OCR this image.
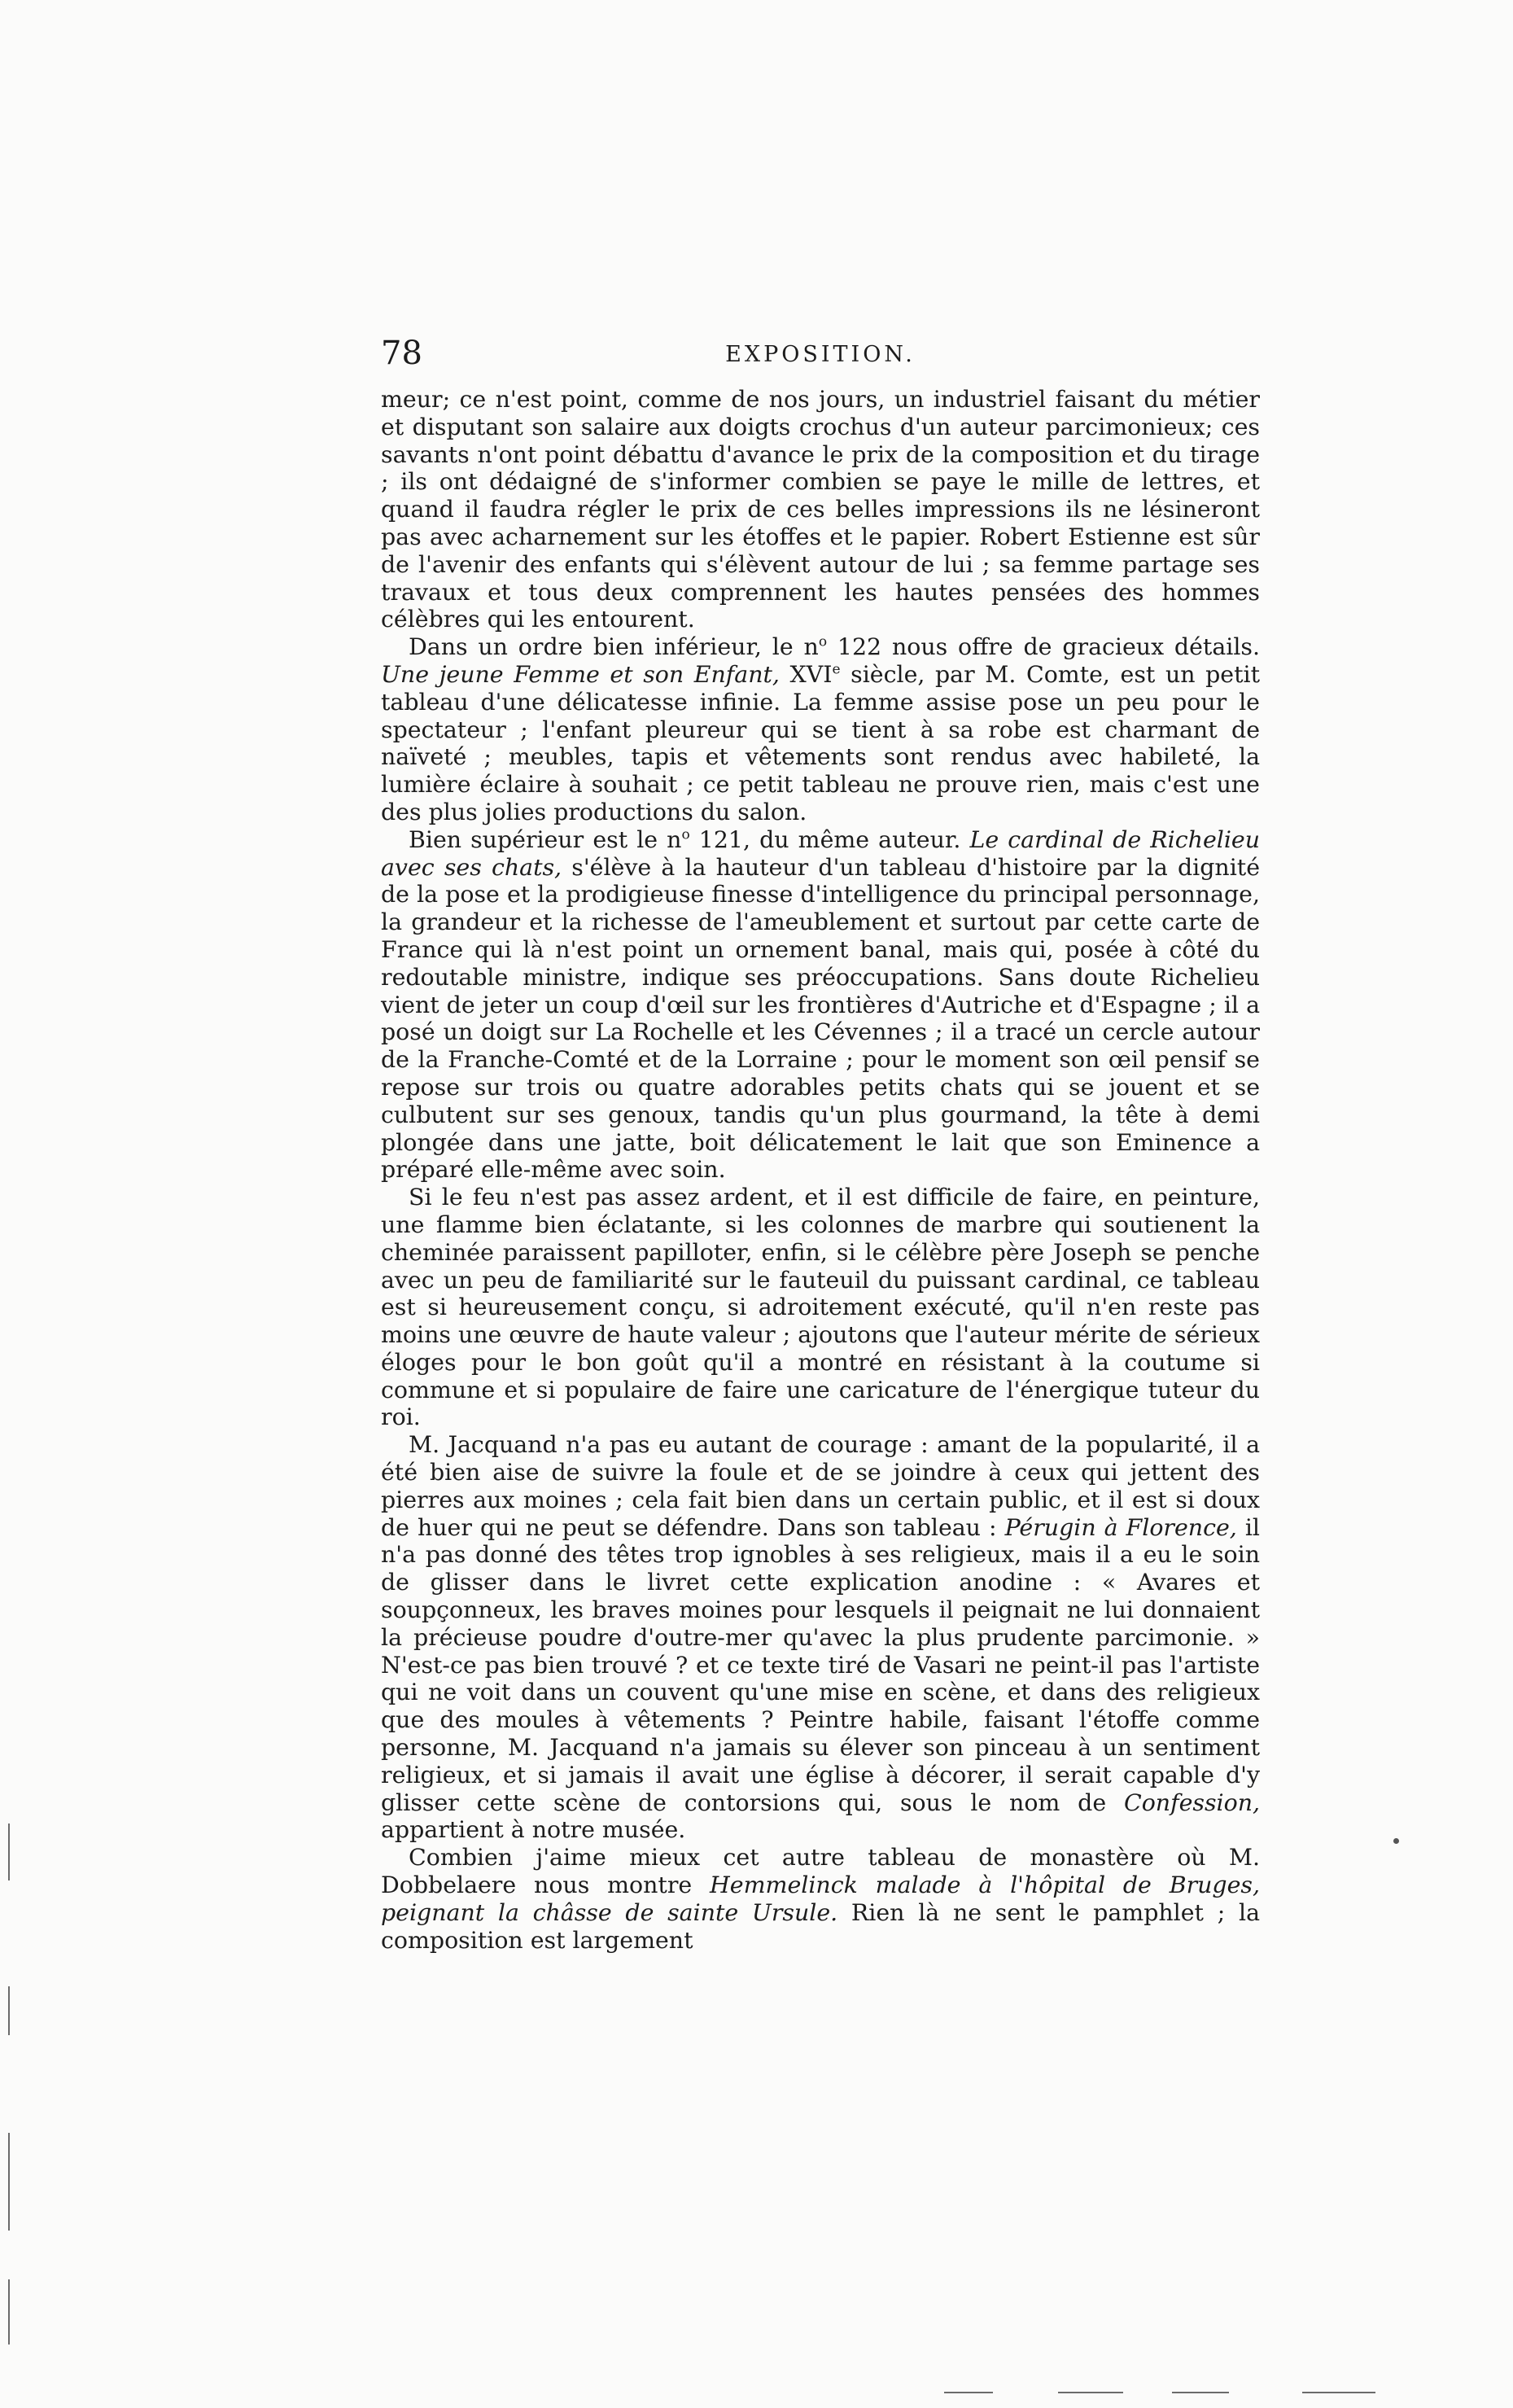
78	EXPOSITION.

meur; ce n'est point, comme de nos jours, un industriel faisant du métier et disputant son salaire aux doigts crochus d'un auteur parcimonieux; ces savants n'ont point débattu d'avance le prix de la composition et du tirage ; ils ont dédaigné de s'informer combien se paye le mille de lettres, et quand il faudra régler le prix de ces belles impressions ils ne lésineront pas avec acharnement sur les étoffes et le papier. Robert Estienne est sûr de l'avenir des enfants qui s'élèvent autour de lui ; sa femme partage ses travaux et tous deux comprennent les hautes pensées des hommes célèbres qui les entourent.

Dans un ordre bien inférieur, le $n^o$ 122 nous offre de gracieux détails. Une jeune Femme et son Enfant, XVIe siècle, par M. Comte, est un petit tableau d'une délicatesse infinie. La femme assise pose un peu pour le spectateur ; l'enfant pleureur qui se tient à sa robe est charmant de naïveté ; meubles, tapis et vêtements sont rendus avec habileté, la lumière éclaire à souhait ; ce petit tableau ne prouve rien, mais c'est une des plus jolies productions du salon.

Bien supérieur est le $n^o$ 121, du même auteur. Le cardinal de Richelieu avec ses chats, s'élève à la hauteur d'un tableau d'histoire par la dignité de la pose et la prodigieuse finesse d'intelligence du principal personnage, la grandeur et la richesse de l'ameublement et surtout par cette carte de France qui là n'est point un ornement banal, mais qui, posée à côté du redoutable ministre, indique ses préoccupations. Sans doute Richelieu vient de jeter un coup d'œil sur les frontières d'Autriche et d'Espagne ; il a posé un doigt sur La Rochelle et les Cévennes ; il a tracé un cercle autour de la Franche-Comté et de la Lorraine ; pour le moment son œil pensif se repose sur trois ou quatre adorables petits chats qui se jouent et se culbutent sur ses genoux, tandis qu'un plus gourmand, la tête à demi plongée dans une jatte, boit délicatement le lait que son Eminence a préparé elle-même avec soin.

Si le feu n'est pas assez ardent, et il est difficile de faire, en peinture, une flamme bien éclatante, si les colonnes de marbre qui soutienent la cheminée paraissent papilloter, enfin, si le célèbre père Joseph se penche avec un peu de familiarité sur le fauteuil du puissant cardinal, ce tableau est si heureusement conçu, si adroitement exécuté, qu'il n'en reste pas moins une œuvre de haute valeur ; ajoutons que l'auteur mérite de sérieux éloges pour le bon goût qu'il a montré en résistant à la coutume si commune et si populaire de faire une caricature de l'énergique tuteur du roi.

M. Jacquand n'a pas eu autant de courage : amant de la popularité, il a été bien aise de suivre la foule et de se joindre à ceux qui jettent des pierres aux moines ; cela fait bien dans un certain public, et il est si doux de huer qui ne peut se défendre. Dans son tableau : Pérugin à Florence, il n'a pas donné des têtes trop ignobles à ses religieux, mais il a eu le soin de glisser dans le livret cette explication anodine : « Avares et soupçonneux, les braves moines pour lesquels il peignait ne lui donnaient la précieuse poudre d'outre-mer qu'avec la plus prudente parcimonie. » N'est-ce pas bien trouvé ? et ce texte tiré de Vasari ne peint-il pas l'artiste qui ne voit dans un couvent qu'une mise en scène, et dans des religieux que des moules à vêtements ? Peintre habile, faisant l'étoffe comme personne, M. Jacquand n'a jamais su élever son pinceau à un sentiment religieux, et si jamais il avait une église à décorer, il serait capable d'y glisser cette scène de contorsions qui, sous le nom de Confession, appartient à notre musée.

Combien j'aime mieux cet autre tableau de monastère où M. Dobbelaere nous montre Hemmelinck malade à l'hôpital de Bruges, peignant la châsse de sainte Ursule. Rien là ne sent le pamphlet ; la composition est largement
